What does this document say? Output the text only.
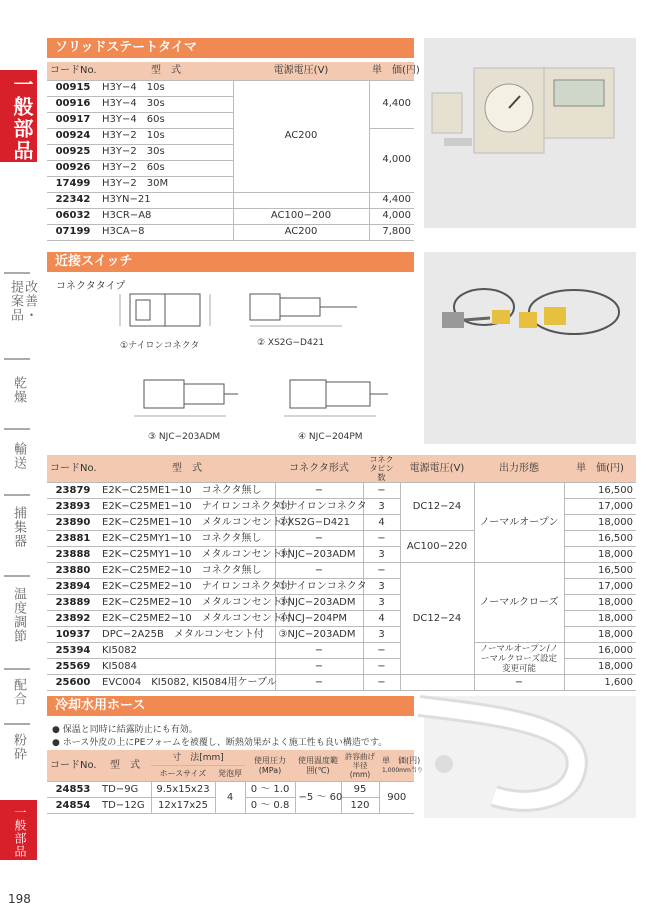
一般部品
改善・提案品
乾燥
輸送
捕集器
温度調節
配合
粉砕
一般部品
198
ソリッドステートタイマ
コードNo.	型　式	電源電圧(V)	単　価(円)
00915	H3Y−4　10s	AC200	4,400
00916	H3Y−4　30s		
00917	H3Y−4　60s		
00924	H3Y−2　10s		4,000
00925	H3Y−2　30s		
00926	H3Y−2　60s		
17499	H3Y−2　30M		
22342	H3YN−21		4,400
06032	H3CR−A8	AC100−200	4,000
07199	H3CA−8	AC200	7,800
近接スイッチ
コネクタタイプ
①ナイロンコネクタ	② XS2G−D421
③ NJC−203ADM	④ NJC−204PM
コードNo.	型　式	コネクタ形式	コネクタピン数	電源電圧(V)	出力形態	単　価(円)
23879	E2K−C25ME1−10　コネクタ無し	−	−	DC12−24	ノーマルオープン	16,500
23893	E2K−C25ME1−10　ナイロンコネクタ付	①ナイロンコネクタ	3			17,000
23890	E2K−C25ME1−10　メタルコンセント付	②XS2G−D421	4			18,000
23881	E2K−C25MY1−10　コネクタ無し	−	−	AC100−220		16,500
23888	E2K−C25MY1−10　メタルコンセント付	③NJC−203ADM	3			18,000
23880	E2K−C25ME2−10　コネクタ無し	−	−	DC12−24	ノーマルクローズ	16,500
23894	E2K−C25ME2−10　ナイロンコネクタ付	①ナイロンコネクタ	3			17,000
23889	E2K−C25ME2−10　メタルコンセント付	③NJC−203ADM	3			18,000
23892	E2K−C25ME2−10　メタルコンセント付	④NCJ−204PM	4			18,000
10937	DPC−2A25B　メタルコンセント付	③NJC−203ADM	3			18,000
25394	KI5082	−	−		ノーマルオープン/ノーマルクローズ設定変更可能	16,000
25569	KI5084	−	−			18,000
25600	EVC004　KI5082, KI5084用ケーブル	−	−		−	1,600
冷却水用ホース
● 保温と同時に結露防止にも有効。
● ホース外皮の上にPEフォームを被覆し、断熱効果がよく施工性も良い構造です。
コードNo.	型　式	寸　法[mm]		使用圧力(MPa)	使用温度範囲(℃)	許容曲げ半径(mm)	単　価(円)
1,000mm当り

		ホースサイズ	発泡厚				
24853	TD−9G	9.5x15x23	4	0 〜 1.0	−5 〜 60	95	900
24854	TD−12G	12x17x25		0 〜 0.8		120	
